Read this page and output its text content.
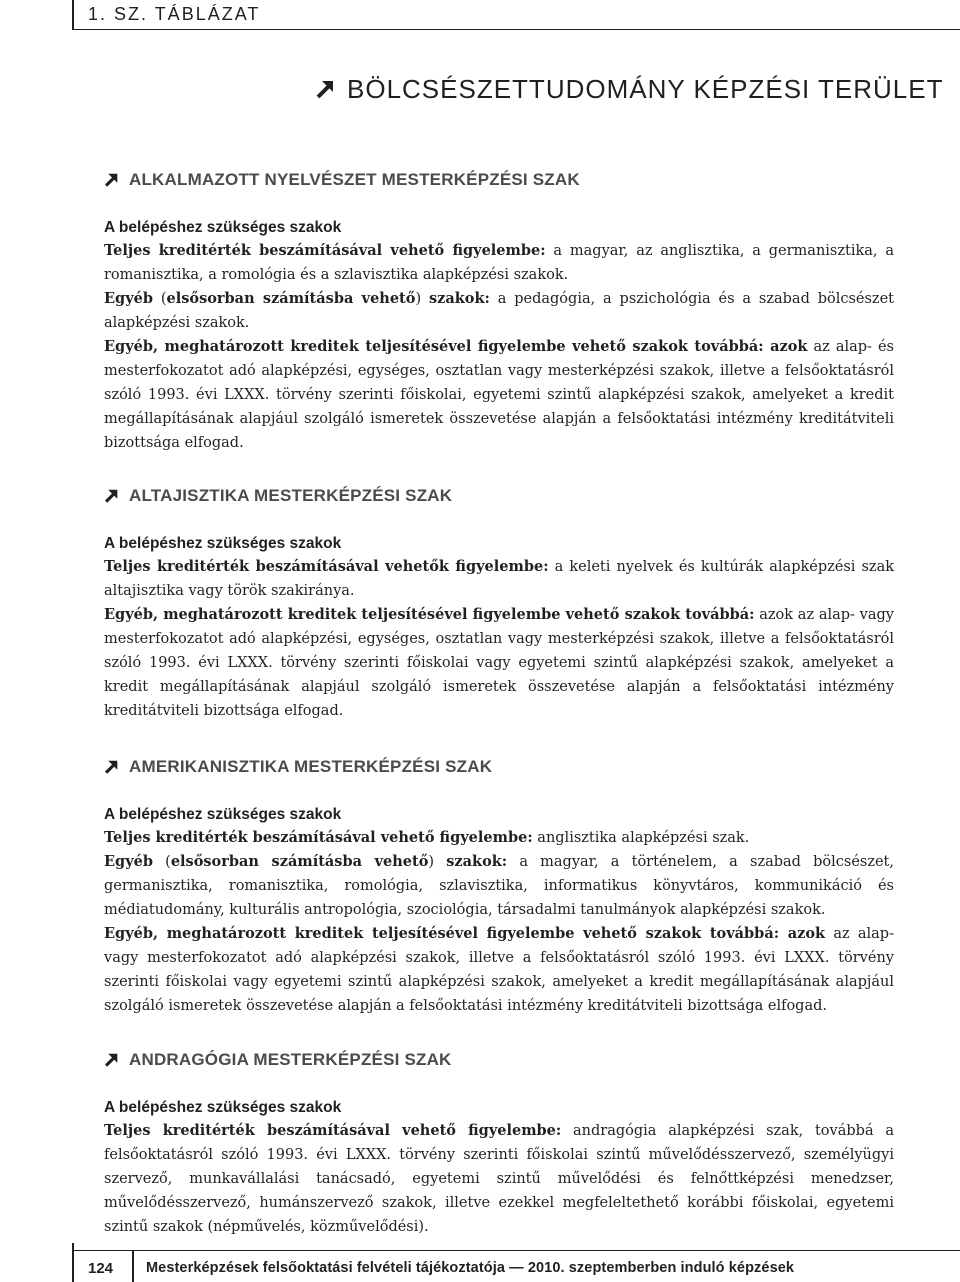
1. SZ. TÁBLÁZAT
BÖLCSÉSZETTUDOMÁNY KÉPZÉSI TERÜLET
ALKALMAZOTT NYELVÉSZET MESTERKÉPZÉSI SZAK
A belépéshez szükséges szakok

Teljes kreditérték beszámításával vehető figyelembe: a magyar, az anglisztika, a germanisztika, a romanisztika, a romológia és a szlavisztika alapképzési szakok.

Egyéb (elsősorban számításba vehető) szakok: a pedagógia, a pszichológia és a szabad bölcsészet alapképzési szakok.

Egyéb, meghatározott kreditek teljesítésével figyelembe vehető szakok továbbá: azok az alap- és mesterfokozatot adó alapképzési, egységes, osztatlan vagy mesterképzési szakok, illetve a felsőoktatásról szóló 1993. évi LXXX. törvény szerinti főiskolai, egyetemi szintű alapképzési szakok, amelyeket a kredit megállapításának alapjául szolgáló ismeretek összevetése alapján a felsőoktatási intézmény kreditátviteli bizottsága elfogad.

ALTAJISZTIKA MESTERKÉPZÉSI SZAK
A belépéshez szükséges szakok

Teljes kreditérték beszámításával vehetők figyelembe: a keleti nyelvek és kultúrák alapképzési szak altajisztika vagy török szakiránya.

Egyéb, meghatározott kreditek teljesítésével figyelembe vehető szakok továbbá: azok az alap- vagy mesterfokozatot adó alapképzési, egységes, osztatlan vagy mesterképzési szakok, illetve a felsőoktatásról szóló 1993. évi LXXX. törvény szerinti főiskolai vagy egyetemi szintű alapképzési szakok, amelyeket a kredit megállapításának alapjául szolgáló ismeretek összevetése alapján a felsőoktatási intézmény kreditátviteli bizottsága elfogad.

AMERIKANISZTIKA MESTERKÉPZÉSI SZAK
A belépéshez szükséges szakok

Teljes kreditérték beszámításával vehető figyelembe: anglisztika alapképzési szak.

Egyéb (elsősorban számításba vehető) szakok: a magyar, a történelem, a szabad bölcsészet, germanisztika, romanisztika, romológia, szlavisztika, informatikus könyvtáros, kommunikáció és médiatudomány, kulturális antropológia, szociológia, társadalmi tanulmányok alapképzési szakok.

Egyéb, meghatározott kreditek teljesítésével figyelembe vehető szakok továbbá: azok az alap- vagy mesterfokozatot adó alapképzési szakok, illetve a felsőoktatásról szóló 1993. évi LXXX. törvény szerinti főiskolai vagy egyetemi szintű alapképzési szakok, amelyeket a kredit megállapításának alapjául szolgáló ismeretek összevetése alapján a felsőoktatási intézmény kreditátviteli bizottsága elfogad.

ANDRAGÓGIA MESTERKÉPZÉSI SZAK
A belépéshez szükséges szakok

Teljes kreditérték beszámításával vehető figyelembe: andragógia alapképzési szak, továbbá a felsőoktatásról szóló 1993. évi LXXX. törvény szerinti főiskolai szintű művelődésszervező, személyügyi szervező, munkavállalási tanácsadó, egyetemi szintű művelődési és felnőttképzési menedzser, művelődésszervező, humánszervező szakok, illetve ezekkel megfeleltethető korábbi főiskolai, egyetemi szintű szakok (népművelés, közművelődési).

124 Mesterképzések felsőoktatási felvételi tájékoztatója — 2010. szeptemberben induló képzések
